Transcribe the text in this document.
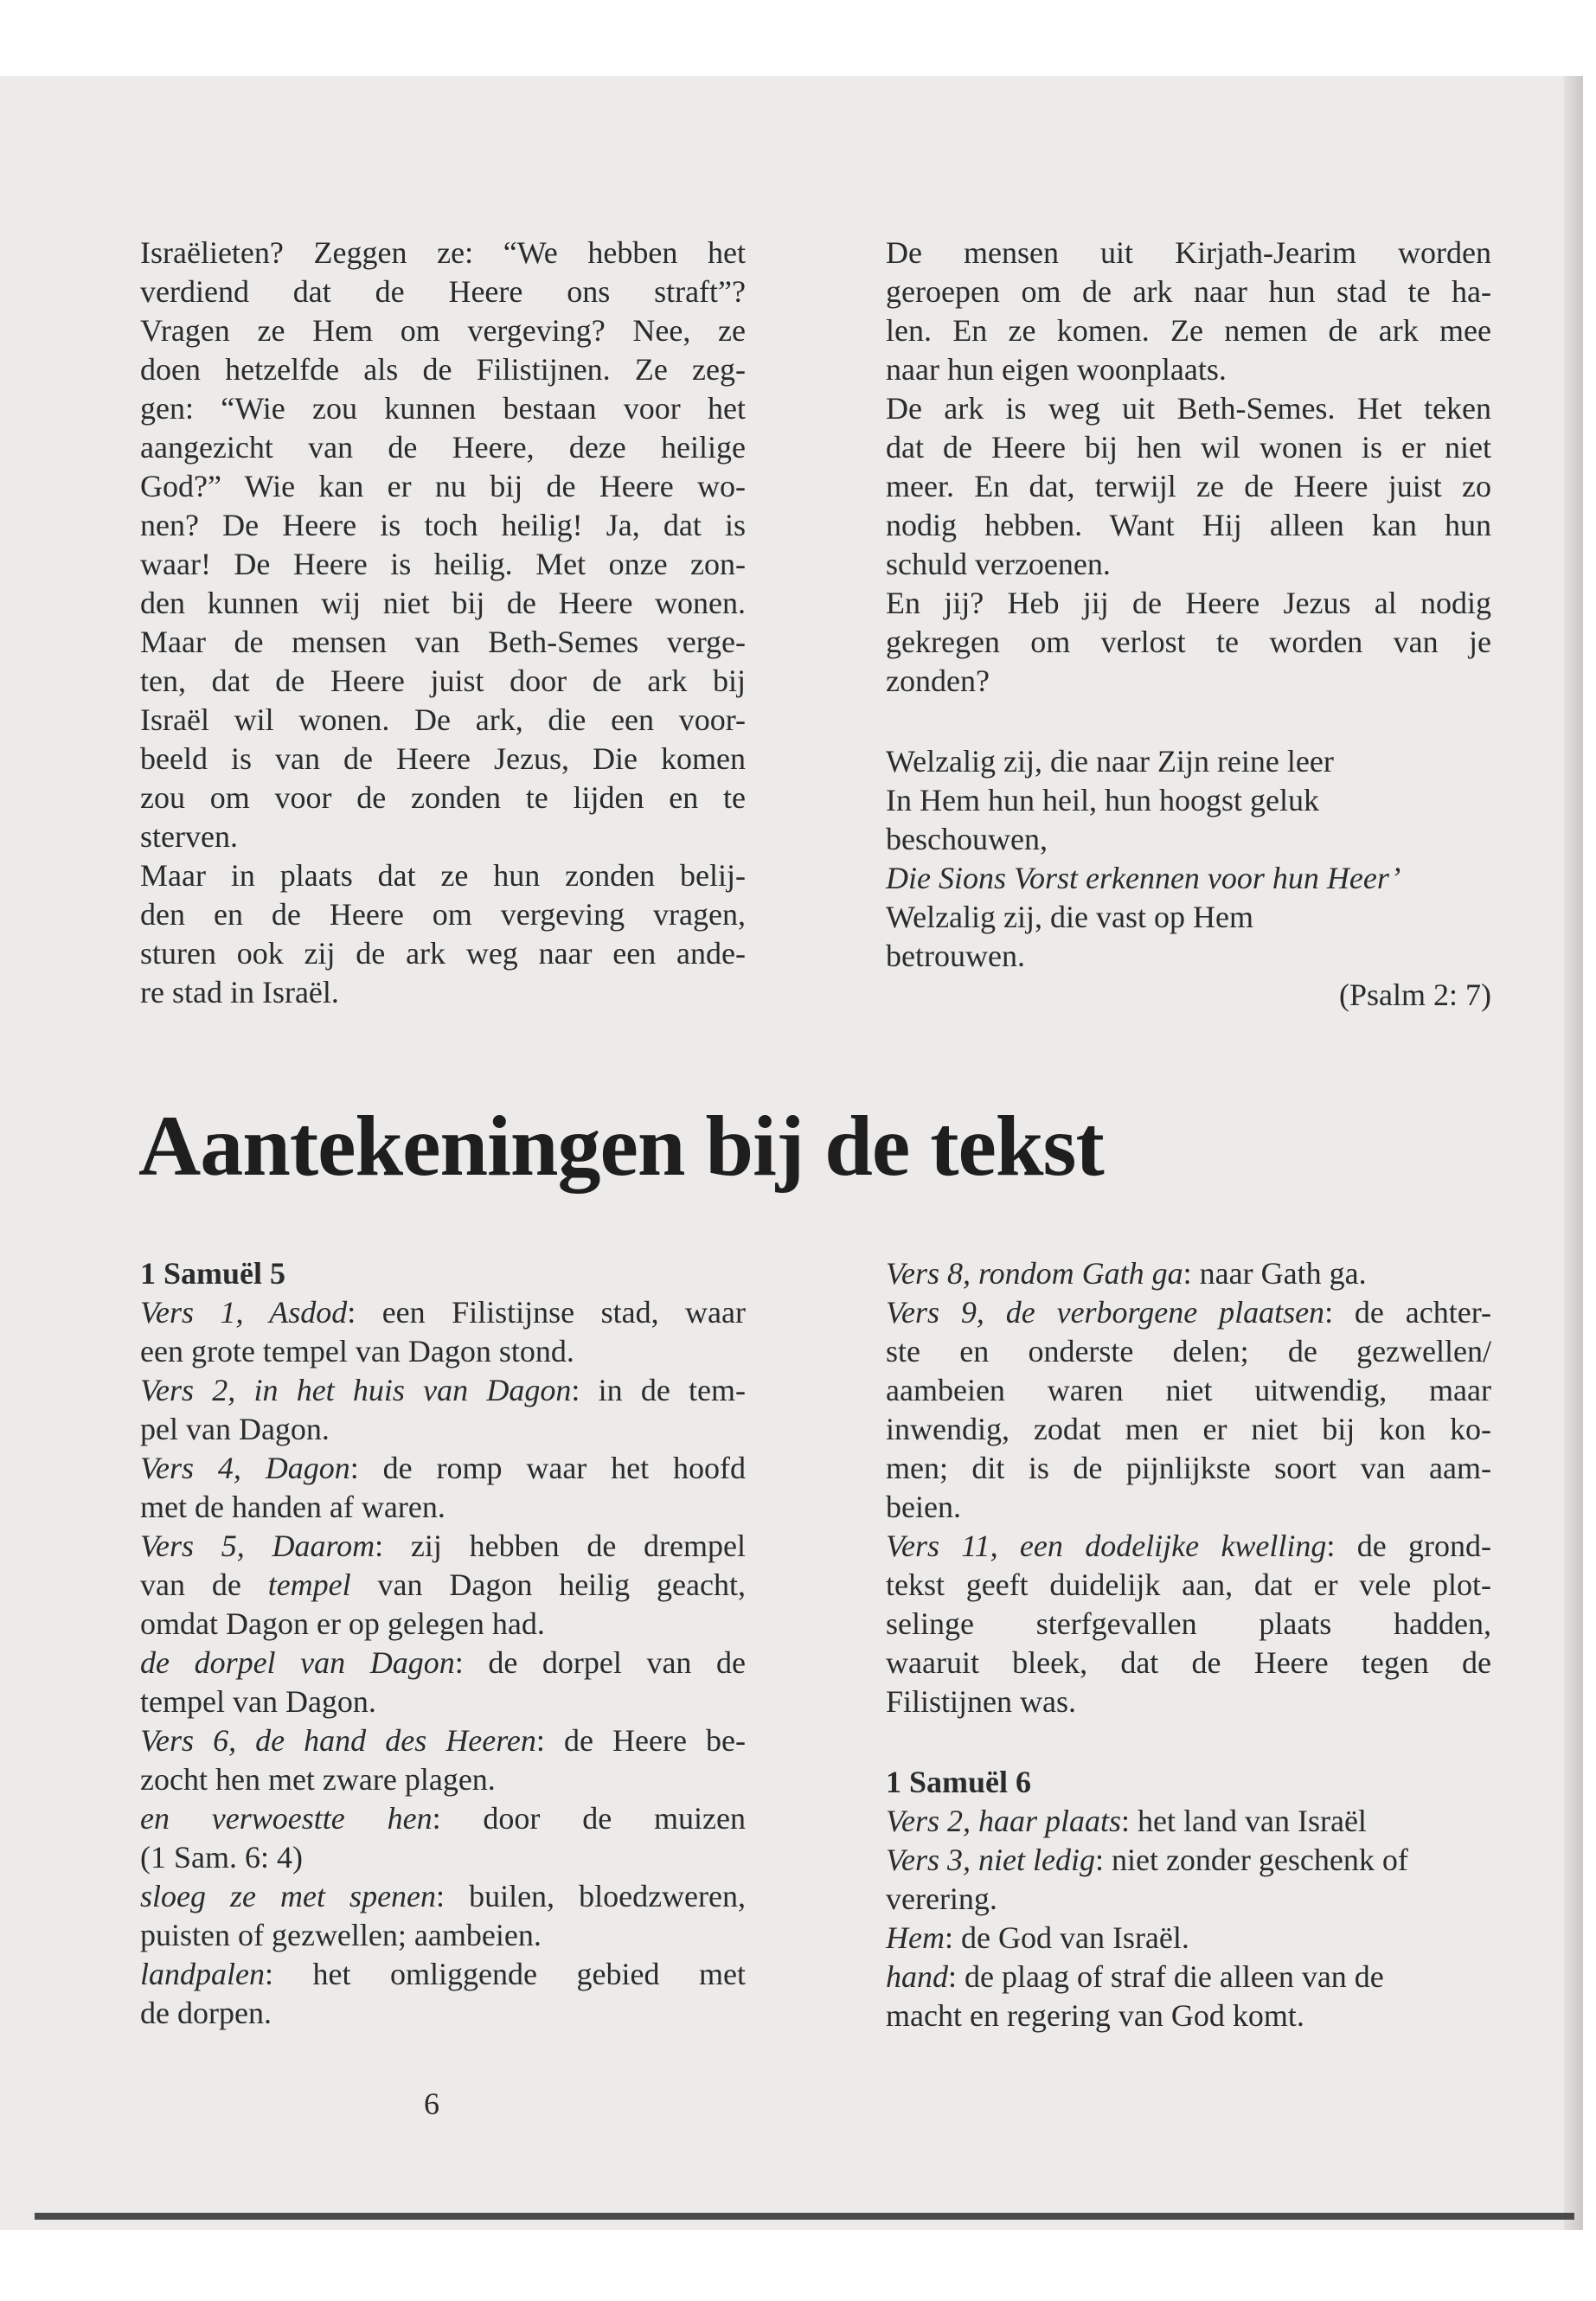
Israëlieten? Zeggen ze: “We hebben het
verdiend dat de Heere ons straft”?
Vragen ze Hem om vergeving? Nee, ze
doen hetzelfde als de Filistijnen. Ze zeg-
gen: “Wie zou kunnen bestaan voor het
aangezicht van de Heere, deze heilige
God?” Wie kan er nu bij de Heere wo-
nen? De Heere is toch heilig! Ja, dat is
waar! De Heere is heilig. Met onze zon-
den kunnen wij niet bij de Heere wonen.
Maar de mensen van Beth-Semes verge-
ten, dat de Heere juist door de ark bij
Israël wil wonen. De ark, die een voor-
beeld is van de Heere Jezus, Die komen
zou om voor de zonden te lijden en te
sterven.
Maar in plaats dat ze hun zonden belij-
den en de Heere om vergeving vragen,
sturen ook zij de ark weg naar een ande-
re stad in Israël.
De mensen uit Kirjath-Jearim worden
geroepen om de ark naar hun stad te ha-
len. En ze komen. Ze nemen de ark mee
naar hun eigen woonplaats.
De ark is weg uit Beth-Semes. Het teken
dat de Heere bij hen wil wonen is er niet
meer. En dat, terwijl ze de Heere juist zo
nodig hebben. Want Hij alleen kan hun
schuld verzoenen.
En jij? Heb jij de Heere Jezus al nodig
gekregen om verlost te worden van je
zonden?
Welzalig zij, die naar Zijn reine leer
In Hem hun heil, hun hoogst geluk
beschouwen,
Die Sions Vorst erkennen voor hun Heer’
Welzalig zij, die vast op Hem
betrouwen.
(Psalm 2: 7)
Aantekeningen bij de tekst
1 Samuël 5
Vers 1, Asdod: een Filistijnse stad, waar
een grote tempel van Dagon stond.
Vers 2, in het huis van Dagon: in de tem-
pel van Dagon.
Vers 4, Dagon: de romp waar het hoofd
met de handen af waren.
Vers 5, Daarom: zij hebben de drempel
van de tempel van Dagon heilig geacht,
omdat Dagon er op gelegen had.
de dorpel van Dagon: de dorpel van de
tempel van Dagon.
Vers 6, de hand des Heeren: de Heere be-
zocht hen met zware plagen.
en verwoestte hen: door de muizen
(1 Sam. 6: 4)
sloeg ze met spenen: builen, bloedzweren,
puisten of gezwellen; aambeien.
landpalen: het omliggende gebied met
de dorpen.
Vers 8, rondom Gath ga: naar Gath ga.
Vers 9, de verborgene plaatsen: de achter-
ste en onderste delen; de gezwellen/
aambeien waren niet uitwendig, maar
inwendig, zodat men er niet bij kon ko-
men; dit is de pijnlijkste soort van aam-
beien.
Vers 11, een dodelijke kwelling: de grond-
tekst geeft duidelijk aan, dat er vele plot-
selinge sterfgevallen plaats hadden,
waaruit bleek, dat de Heere tegen de
Filistijnen was.
1 Samuël 6
Vers 2, haar plaats: het land van Israël
Vers 3, niet ledig: niet zonder geschenk of
verering.
Hem: de God van Israël.
hand: de plaag of straf die alleen van de
macht en regering van God komt.
6
